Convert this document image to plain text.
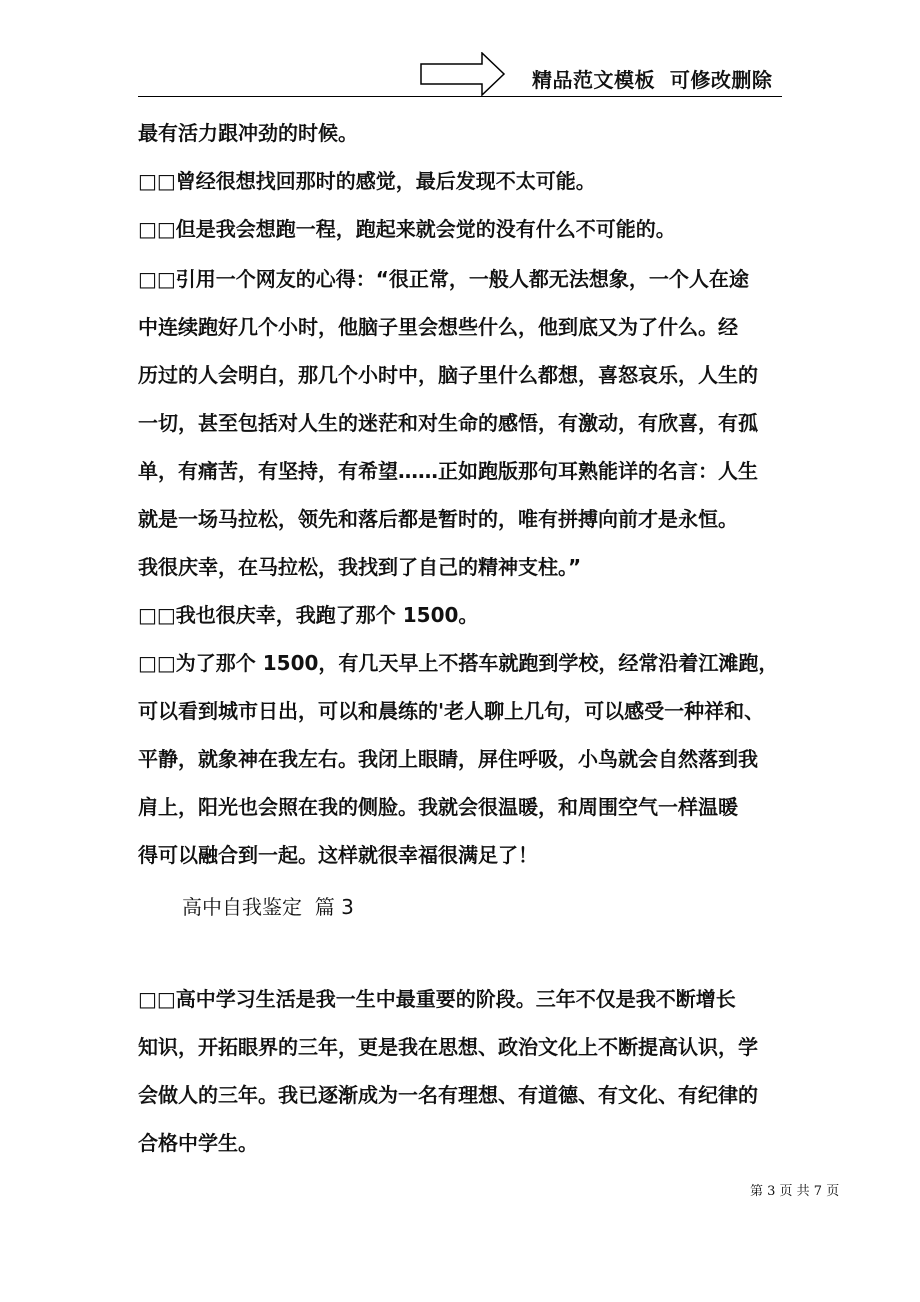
精品范文模板  可修改删除
最有活力跟冲劲的时候。
□□曾经很想找回那时的感觉，最后发现不太可能。
□□但是我会想跑一程，跑起来就会觉的没有什么不可能的。
□□引用一个网友的心得：“很正常，一般人都无法想象，一个人在途
中连续跑好几个小时，他脑子里会想些什么，他到底又为了什么。经
历过的人会明白，那几个小时中，脑子里什么都想，喜怒哀乐，人生的
一切，甚至包括对人生的迷茫和对生命的感悟，有激动，有欣喜，有孤
单，有痛苦，有坚持，有希望……正如跑版那句耳熟能详的名言：人生
就是一场马拉松，领先和落后都是暂时的，唯有拼搏向前才是永恒。
我很庆幸，在马拉松，我找到了自己的精神支柱。”
□□我也很庆幸，我跑了那个 1500。
□□为了那个 1500，有几天早上不搭车就跑到学校，经常沿着江滩跑，
可以看到城市日出，可以和晨练的'老人聊上几句，可以感受一种祥和、
平静，就象神在我左右。我闭上眼睛，屏住呼吸，小鸟就会自然落到我
肩上，阳光也会照在我的侧脸。我就会很温暖，和周围空气一样温暖
得可以融合到一起。这样就很幸福很满足了！
高中自我鉴定  篇 3
□□高中学习生活是我一生中最重要的阶段。三年不仅是我不断增长
知识，开拓眼界的三年，更是我在思想、政治文化上不断提高认识，学
会做人的三年。我已逐渐成为一名有理想、有道德、有文化、有纪律的
合格中学生。
第 3 页 共 7 页
